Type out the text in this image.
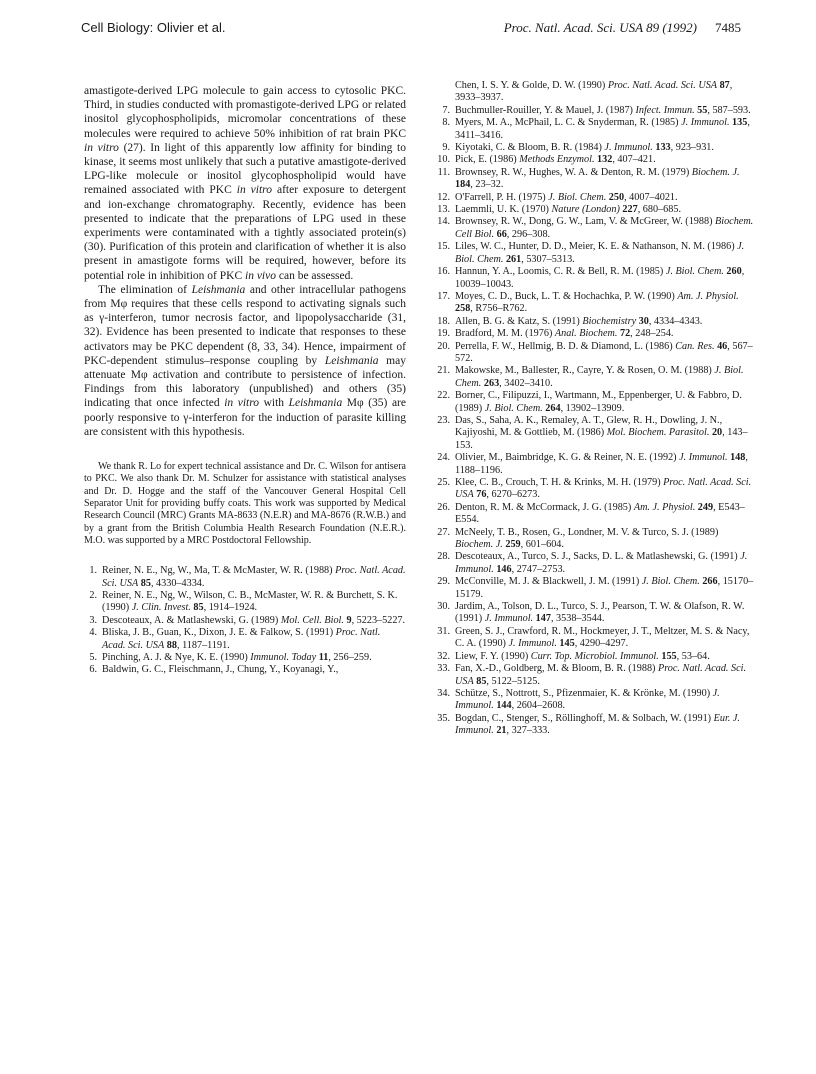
Cell Biology: Olivier et al.	Proc. Natl. Acad. Sci. USA 89 (1992) 7485

amastigote-derived LPG molecule to gain access to cytosolic PKC. Third, in studies conducted with promastigote-derived LPG or related inositol glycophospholipids, micromolar concentrations of these molecules were required to achieve 50% inhibition of rat brain PKC in vitro (27). In light of this apparently low affinity for binding to kinase, it seems most unlikely that such a putative amastigote-derived LPG-like molecule or inositol glycophospholipid would have remained associated with PKC in vitro after exposure to detergent and ion-exchange chromatography. Recently, evidence has been presented to indicate that the preparations of LPG used in these experiments were contaminated with a tightly associated protein(s) (30). Purification of this protein and clarification of whether it is also present in amastigote forms will be required, however, before its potential role in inhibition of PKC in vivo can be assessed.

The elimination of Leishmania and other intracellular pathogens from Mφ requires that these cells respond to activating signals such as γ-interferon, tumor necrosis factor, and lipopolysaccharide (31, 32). Evidence has been presented to indicate that responses to these activators may be PKC dependent (8, 33, 34). Hence, impairment of PKC-dependent stimulus–response coupling by Leishmania may attenuate Mφ activation and contribute to persistence of infection. Findings from this laboratory (unpublished) and others (35) indicating that once infected in vitro with Leishmania Mφ (35) are poorly responsive to γ-interferon for the induction of parasite killing are consistent with this hypothesis.

We thank R. Lo for expert technical assistance and Dr. C. Wilson for antisera to PKC. We also thank Dr. M. Schulzer for assistance with statistical analyses and Dr. D. Hogge and the staff of the Vancouver General Hospital Cell Separator Unit for providing buffy coats. This work was supported by Medical Research Council (MRC) Grants MA-8633 (N.E.R) and MA-8676 (R.W.B.) and by a grant from the British Columbia Health Research Foundation (N.E.R.). M.O. was supported by a MRC Postdoctoral Fellowship.

1. Reiner, N. E., Ng, W., Ma, T. & McMaster, W. R. (1988) Proc. Natl. Acad. Sci. USA 85, 4330–4334.
2. Reiner, N. E., Ng, W., Wilson, C. B., McMaster, W. R. & Burchett, S. K. (1990) J. Clin. Invest. 85, 1914–1924.
3. Descoteaux, A. & Matlashewski, G. (1989) Mol. Cell. Biol. 9, 5223–5227.
4. Bliska, J. B., Guan, K., Dixon, J. E. & Falkow, S. (1991) Proc. Natl. Acad. Sci. USA 88, 1187–1191.
5. Pinching, A. J. & Nye, K. E. (1990) Immunol. Today 11, 256–259.
6. Baldwin, G. C., Fleischmann, J., Chung, Y., Koyanagi, Y.,
Chen, I. S. Y. & Golde, D. W. (1990) Proc. Natl. Acad. Sci. USA 87, 3933–3937.
7. Buchmuller-Rouiller, Y. & Mauel, J. (1987) Infect. Immun. 55, 587–593.
8. Myers, M. A., McPhail, L. C. & Snyderman, R. (1985) J. Immunol. 135, 3411–3416.
9. Kiyotaki, C. & Bloom, B. R. (1984) J. Immunol. 133, 923–931.
10. Pick, E. (1986) Methods Enzymol. 132, 407–421.
11. Brownsey, R. W., Hughes, W. A. & Denton, R. M. (1979) Biochem. J. 184, 23–32.
12. O'Farrell, P. H. (1975) J. Biol. Chem. 250, 4007–4021.
13. Laemmli, U. K. (1970) Nature (London) 227, 680–685.
14. Brownsey, R. W., Dong, G. W., Lam, V. & McGreer, W. (1988) Biochem. Cell Biol. 66, 296–308.
15. Liles, W. C., Hunter, D. D., Meier, K. E. & Nathanson, N. M. (1986) J. Biol. Chem. 261, 5307–5313.
16. Hannun, Y. A., Loomis, C. R. & Bell, R. M. (1985) J. Biol. Chem. 260, 10039–10043.
17. Moyes, C. D., Buck, L. T. & Hochachka, P. W. (1990) Am. J. Physiol. 258, R756–R762.
18. Allen, B. G. & Katz, S. (1991) Biochemistry 30, 4334–4343.
19. Bradford, M. M. (1976) Anal. Biochem. 72, 248–254.
20. Perrella, F. W., Hellmig, B. D. & Diamond, L. (1986) Can. Res. 46, 567–572.
21. Makowske, M., Ballester, R., Cayre, Y. & Rosen, O. M. (1988) J. Biol. Chem. 263, 3402–3410.
22. Borner, C., Filipuzzi, I., Wartmann, M., Eppenberger, U. & Fabbro, D. (1989) J. Biol. Chem. 264, 13902–13909.
23. Das, S., Saha, A. K., Remaley, A. T., Glew, R. H., Dowling, J. N., Kajiyoshi, M. & Gottlieb, M. (1986) Mol. Biochem. Parasitol. 20, 143–153.
24. Olivier, M., Baimbridge, K. G. & Reiner, N. E. (1992) J. Immunol. 148, 1188–1196.
25. Klee, C. B., Crouch, T. H. & Krinks, M. H. (1979) Proc. Natl. Acad. Sci. USA 76, 6270–6273.
26. Denton, R. M. & McCormack, J. G. (1985) Am. J. Physiol. 249, E543–E554.
27. McNeely, T. B., Rosen, G., Londner, M. V. & Turco, S. J. (1989) Biochem. J. 259, 601–604.
28. Descoteaux, A., Turco, S. J., Sacks, D. L. & Matlashewski, G. (1991) J. Immunol. 146, 2747–2753.
29. McConville, M. J. & Blackwell, J. M. (1991) J. Biol. Chem. 266, 15170–15179.
30. Jardim, A., Tolson, D. L., Turco, S. J., Pearson, T. W. & Olafson, R. W. (1991) J. Immunol. 147, 3538–3544.
31. Green, S. J., Crawford, R. M., Hockmeyer, J. T., Meltzer, M. S. & Nacy, C. A. (1990) J. Immunol. 145, 4290–4297.
32. Liew, F. Y. (1990) Curr. Top. Microbiol. Immunol. 155, 53–64.
33. Fan, X.-D., Goldberg, M. & Bloom, B. R. (1988) Proc. Natl. Acad. Sci. USA 85, 5122–5125.
34. Schütze, S., Nottrott, S., Pfizenmaier, K. & Krönke, M. (1990) J. Immunol. 144, 2604–2608.
35. Bogdan, C., Stenger, S., Röllinghoff, M. & Solbach, W. (1991) Eur. J. Immunol. 21, 327–333.
